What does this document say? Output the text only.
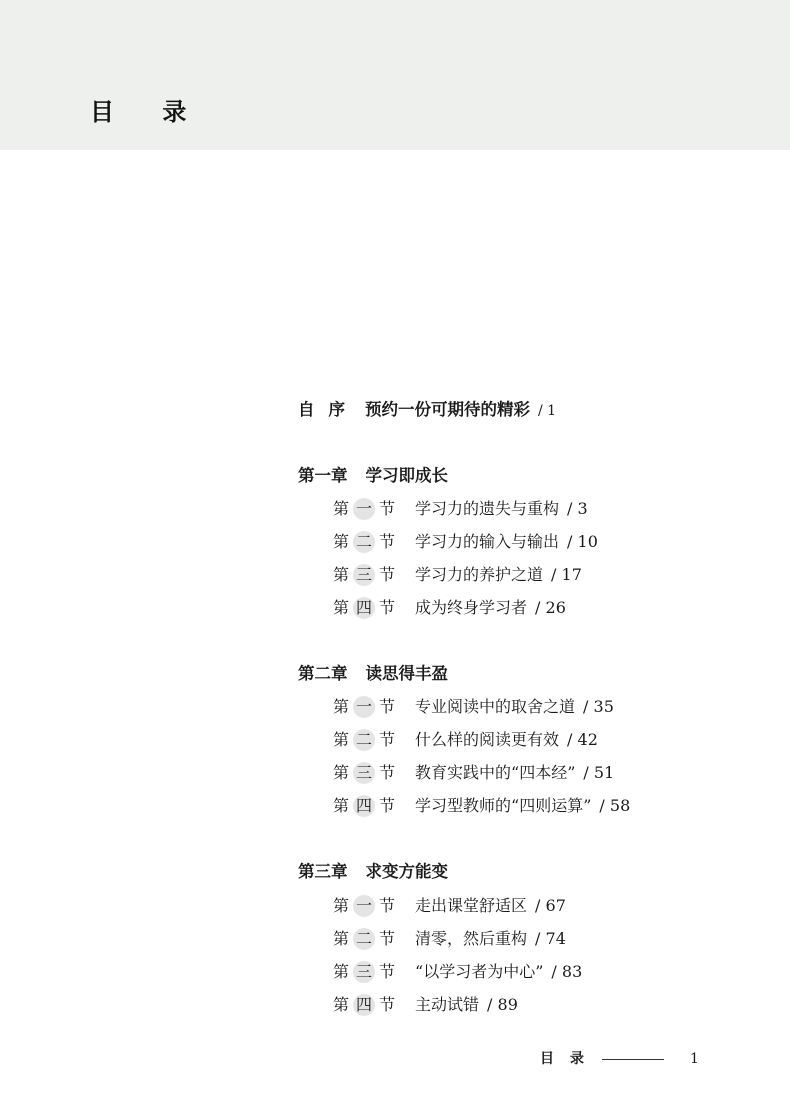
目 录
自序 预约一份可期待的精彩 / 1
第一章 学习即成长
第 一 节 学习力的遗失与重构 / 3
第 二 节 学习力的输入与输出 / 10
第 三 节 学习力的养护之道 / 17
第 四 节 成为终身学习者 / 26
第二章 读思得丰盈
第 一 节 专业阅读中的取舍之道 / 35
第 二 节 什么样的阅读更有效 / 42
第 三 节 教育实践中的“四本经” / 51
第 四 节 学习型教师的“四则运算” / 58
第三章 求变方能变
第 一 节 走出课堂舒适区 / 67
第 二 节 清零，然后重构 / 74
第 三 节 “以学习者为中心” / 83
第 四 节 主动试错 / 89
目录	1
